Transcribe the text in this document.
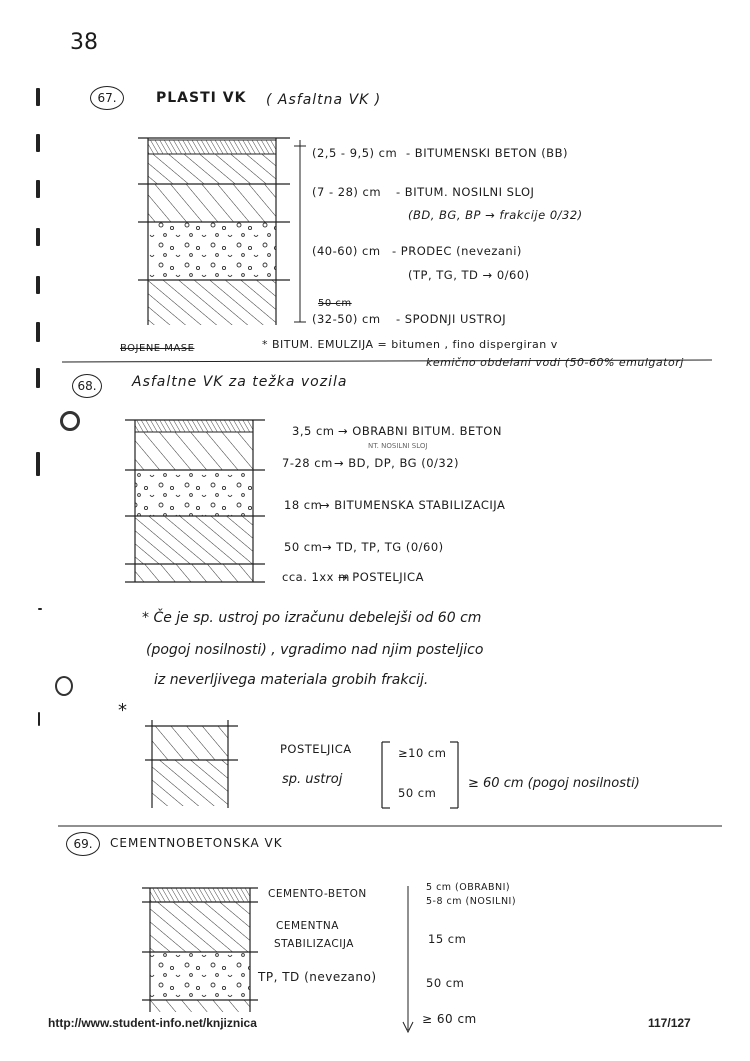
38
67.	PLASTI VK ( Asfaltna VK )
(2,5 - 9,5) cm - BITUMENSKI BETON (BB)
(7 - 28) cm - BITUM. NOSILNI SLOJ
(BD, BG, BP → frakcije 0/32)
(40-60) cm - PRODEC (nevezani)
(TP, TG, TD → 0/60)
50 cm
(32-50) cm - SPODNJI USTROJ
BOJENE MASE	* BITUM. EMULZIJA = bitumen , fino dispergiran v
kemično obdelani vodi (50-60% emulgatorj
68.	Asfaltne VK za težka vozila
3,5 cm → OBRABNI BITUM. BETON
NT. NOSILNI SLOJ
7-28 cm → BD, DP, BG (0/32)
18 cm
→ BITUMENSKA STABILIZACIJA
50 cm → TD, TP, TG (0/60)
cca. 1xx m
→ POSTELJICA
* Če je sp. ustroj po izračunu debelejši od 60 cm
(pogoj nosilnosti) , vgradimo nad njim posteljico
iz neverljivega materiala grobih frakcij.
*
POSTELJICA
sp. ustroj
≥10 cm
50 cm
≥ 60 cm (pogoj nosilnosti)
69.	CEMENTNOBETONSKA VK
CEMENTO-BETON
5 cm (OBRABNI)
5-8 cm (NOSILNI)
CEMENTNA
STABILIZACIJA	15 cm
TP, TD (nevezano)	50 cm
≥ 60 cm
http://www.student-info.net/knjiznica	117/127
